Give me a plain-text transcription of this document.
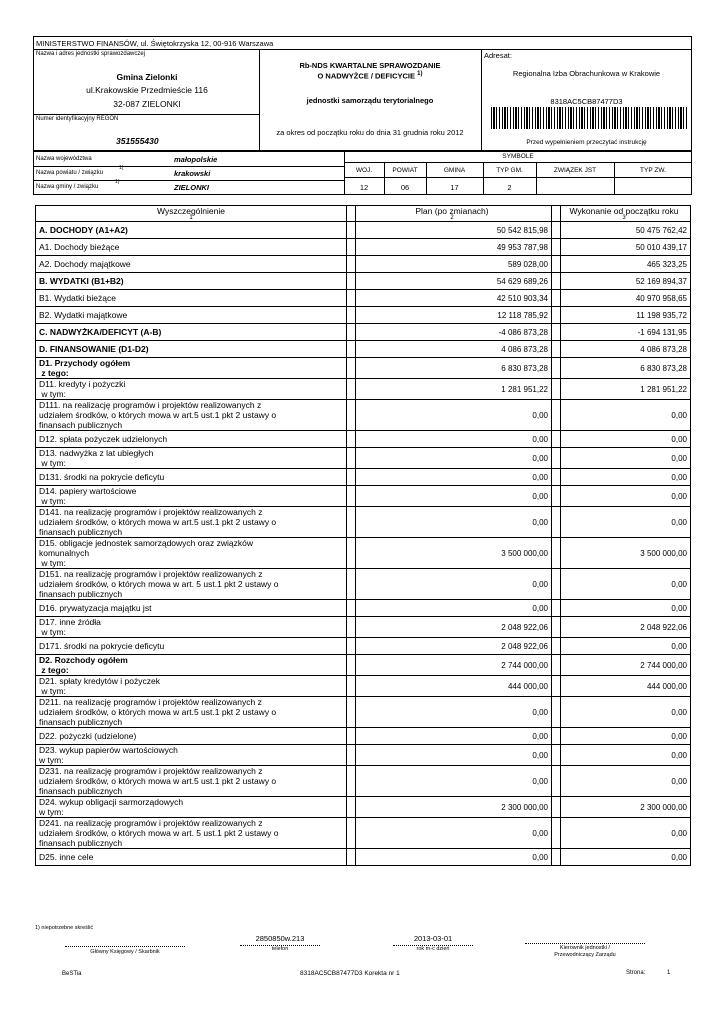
MINISTERSTWO FINANSÓW, ul. Świętokrzyska 12, 00-916 Warszawa
Nazwa i adres jednostki sprawozdawczej
Gmina Zielonki
ul.Krakowskie Przedmieście 116
32-087 ZIELONKI
Numer identyfikacyjny REGON
351555430
Rb-NDS KWARTALNE SPRAWOZDANIE
O NADWYŻCE / DEFICYCIE $^{1)}$
jednostki samorządu terytorialnego
za okres od początku roku do dnia 31 grudnia roku 2012
Adresat:
Regionalna Izba Obrachunkowa w Krakowie
8318AC5CB87477D3
Przed wypełnieniem przeczytać instrukcję
Nazwa województwa	małopolskie
Nazwa powiatu / związku
1)
krakowski
Nazwa gminy / związku
1)
ZIELONKI
SYMBOLE
WOJ.	POWIAT	GMINA	TYP GM.	ZWIĄZEK JST	TYP ZW.
12	06	17	2
Wyszczególnienie
1
Plan (po zmianach)
2
Wykonanie od początku roku
3
A. DOCHODY (A1+A2)	50 542 815,98	50 475 762,42
A1. Dochody bieżące	49 953 787,98	50 010 439,17
A2. Dochody majątkowe	589 028,00	465 323,25
B. WYDATKI (B1+B2)	54 629 689,26	52 169 894,37
B1. Wydatki bieżące	42 510 903,34	40 970 958,65
B2. Wydatki majątkowe	12 118 785,92	11 198 935,72
C. NADWYŻKA/DEFICYT (A-B)	-4 086 873,28	-1 694 131,95
D. FINANSOWANIE (D1-D2)	4 086 873,28	4 086 873,28
D1. Przychody ogółem
z tego:	6 830 873,28	6 830 873,28
D11. kredyty i pożyczki
w tym:	1 281 951,22	1 281 951,22
D111. na realizację programów i projektów realizowanych z
udziałem środków, o których mowa w art.5 ust.1 pkt 2 ustawy o
finansach publicznych
0,00	0,00
D12. spłata pożyczek udzielonych	0,00	0,00
D13. nadwyżka z lat ubiegłych
w tym:	0,00	0,00
D131. środki na pokrycie deficytu	0,00	0,00
D14. papiery wartościowe
w tym:	0,00	0,00
D141. na realizację programów i projektów realizowanych z
udziałem środków, o których mowa w art.5 ust.1 pkt 2 ustawy o
finansach publicznych
0,00	0,00
D15. obligacje jednostek samorządowych oraz związków
komunalnych
w tym:
3 500 000,00	3 500 000,00
D151. na realizację programów i projektów realizowanych z
udziałem środków, o których mowa w art. 5 ust.1 pkt 2 ustawy o
finansach publicznych
0,00	0,00
D16. prywatyzacja majątku jst	0,00	0,00
D17. inne źródła
w tym:	2 048 922,06	2 048 922,06
D171. środki na pokrycie deficytu	2 048 922,06	0,00
D2. Rozchody ogółem
z tego:	2 744 000,00	2 744 000,00
D21. spłaty kredytów i pożyczek
w tym:	444 000,00	444 000,00
D211. na realizację programów i projektów realizowanych z
udziałem środków, o których mowa w art.5 ust.1 pkt 2 ustawy o
finansach publicznych
0,00	0,00
D22. pożyczki (udzielone)	0,00	0,00
D23. wykup papierów wartościowych
w tym:	0,00	0,00
D231. na realizację programów i projektów realizowanych z
udziałem środków, o których mowa w art.5 ust.1 pkt 2 ustawy o
finansach publicznych
0,00	0,00
D24. wykup obligacji sarmorządowych
w tym:	2 300 000,00	2 300 000,00
D241. na realizację programów i projektów realizowanych z
udziałem środków, o których mowa w art. 5 ust.1 pkt 2 ustawy o
finansach publicznych
0,00	0,00
D25. inne cele	0,00	0,00
1) niepotrzebne skreślić
2850850w.213
telefon
2013-03-01
rok m-c dzień
Główny Księgowy / Skarbnik
Kierownik jednostki /
Przewodniczący Zarządu
BeSTia	8318AC5CB87477D3 Korekta nr 1	Strona:	1
